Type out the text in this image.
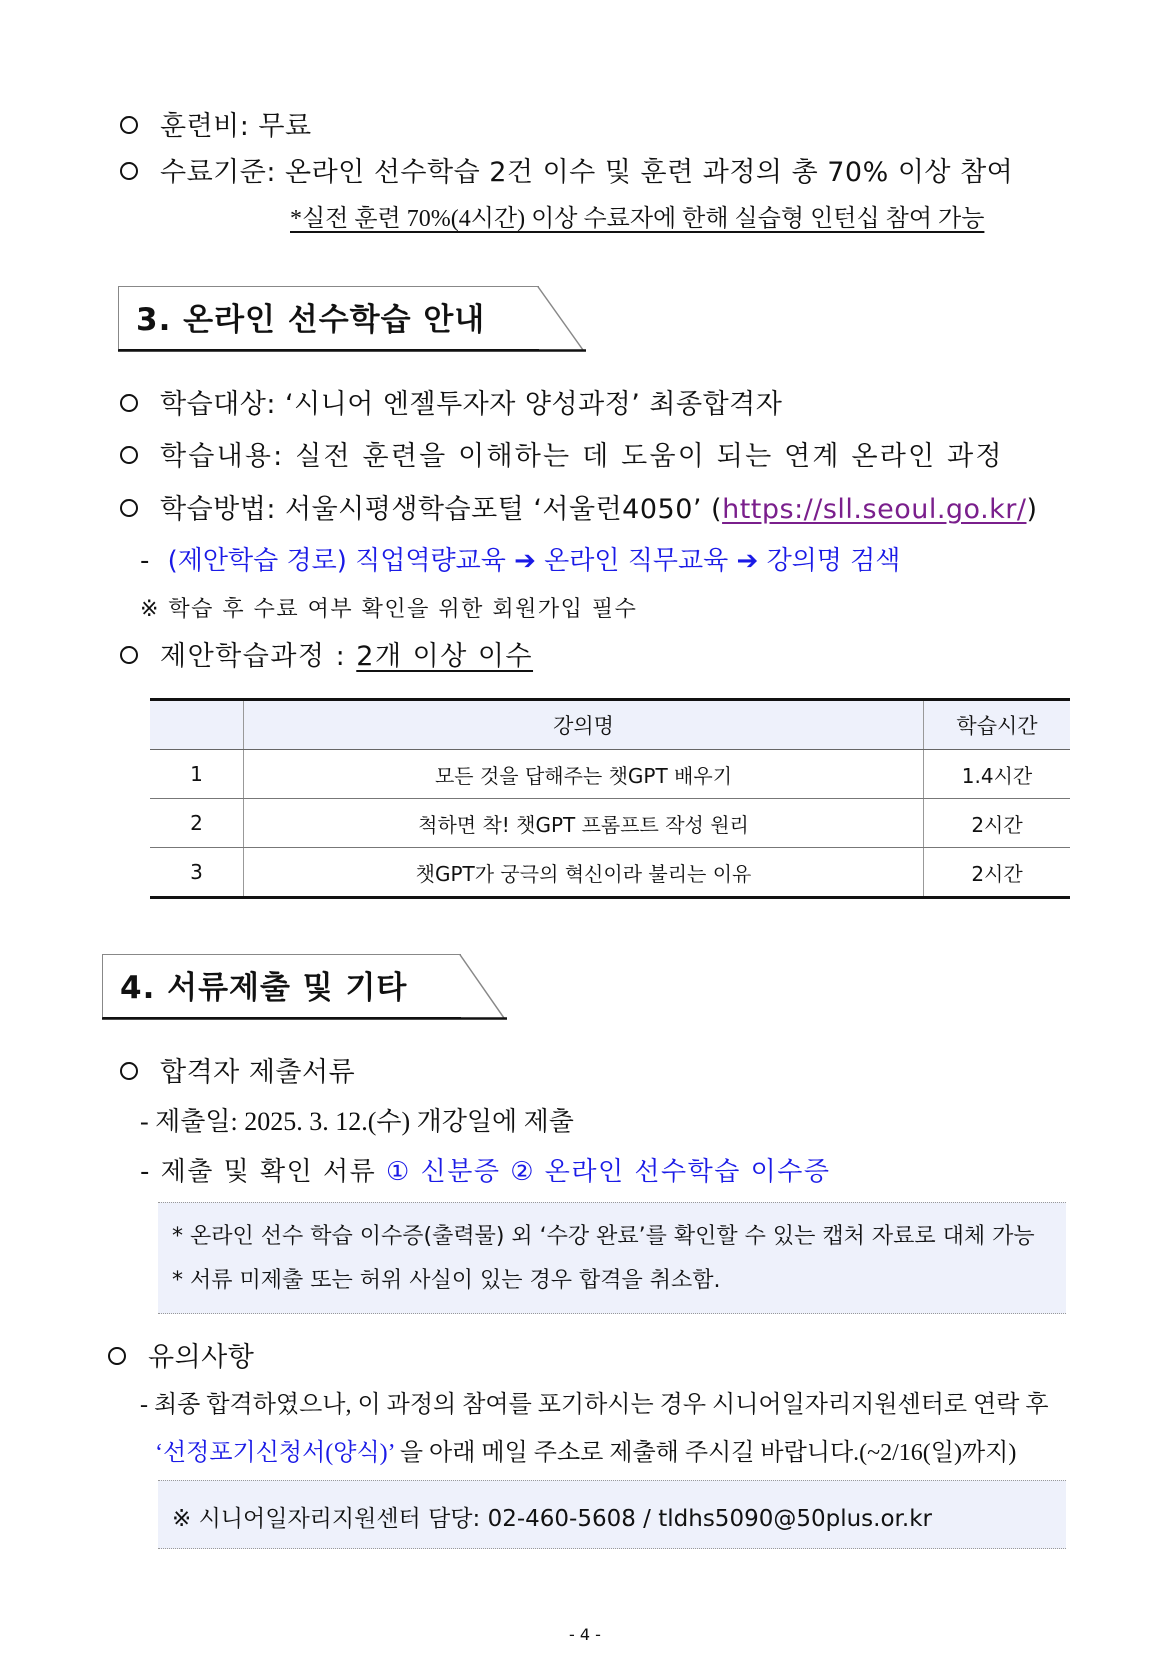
훈련비: 무료
수료기준: 온라인 선수학습 2건 이수 및 훈련 과정의 총 70% 이상 참여
*실전 훈련 70%(4시간) 이상 수료자에 한해 실습형 인턴십 참여 가능
3. 온라인 선수학습 안내
학습대상: ‘시니어 엔젤투자자 양성과정’ 최종합격자
학습내용: 실전 훈련을 이해하는 데 도움이 되는 연계 온라인 과정
학습방법: 서울시평생학습포털 ‘서울런4050’ (https://sll.seoul.go.kr/)
- (제안학습 경로) 직업역량교육 ➔ 온라인 직무교육 ➔ 강의명 검색
※ 학습 후 수료 여부 확인을 위한 회원가입 필수
제안학습과정 : 2개 이상 이수
	강의명	학습시간
1	모든 것을 답해주는 챗GPT 배우기	1.4시간
2	척하면 착! 챗GPT 프롬프트 작성 원리	2시간
3	챗GPT가 궁극의 혁신이라 불리는 이유	2시간
4. 서류제출 및 기타
합격자 제출서류
- 제출일: 2025. 3. 12.(수) 개강일에 제출
- 제출 및 확인 서류 ① 신분증 ② 온라인 선수학습 이수증
* 온라인 선수 학습 이수증(출력물) 외 ‘수강 완료’를 확인할 수 있는 캡처 자료로 대체 가능
* 서류 미제출 또는 허위 사실이 있는 경우 합격을 취소함.
유의사항
- 최종 합격하였으나, 이 과정의 참여를 포기하시는 경우 시니어일자리지원센터로 연락 후
‘선정포기신청서(양식)’ 을 아래 메일 주소로 제출해 주시길 바랍니다.(~2/16(일)까지)
※ 시니어일자리지원센터 담당: 02-460-5608 / tldhs5090@50plus.or.kr
- 4 -
